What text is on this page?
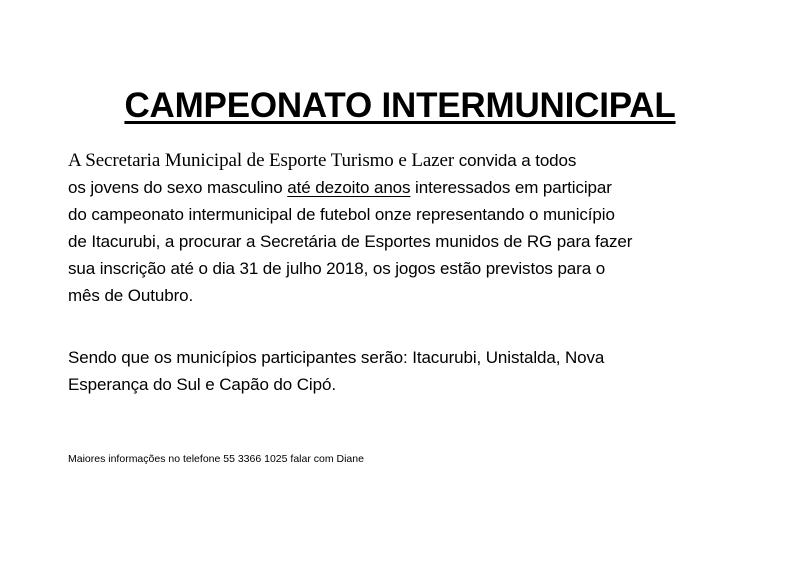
CAMPEONATO INTERMUNICIPAL
A Secretaria Municipal de Esporte Turismo e Lazer convida a todos
os jovens do sexo masculino até dezoito anos interessados em participar
do campeonato intermunicipal de futebol onze representando o município
de Itacurubi, a procurar a Secretária de Esportes munidos de RG para fazer
sua inscrição até o dia 31 de julho 2018, os jogos estão previstos para o
mês de Outubro.
Sendo que os municípios participantes serão: Itacurubi, Unistalda, Nova
Esperança do Sul e Capão do Cipó.
Maiores informações no telefone 55 3366 1025 falar com Diane
